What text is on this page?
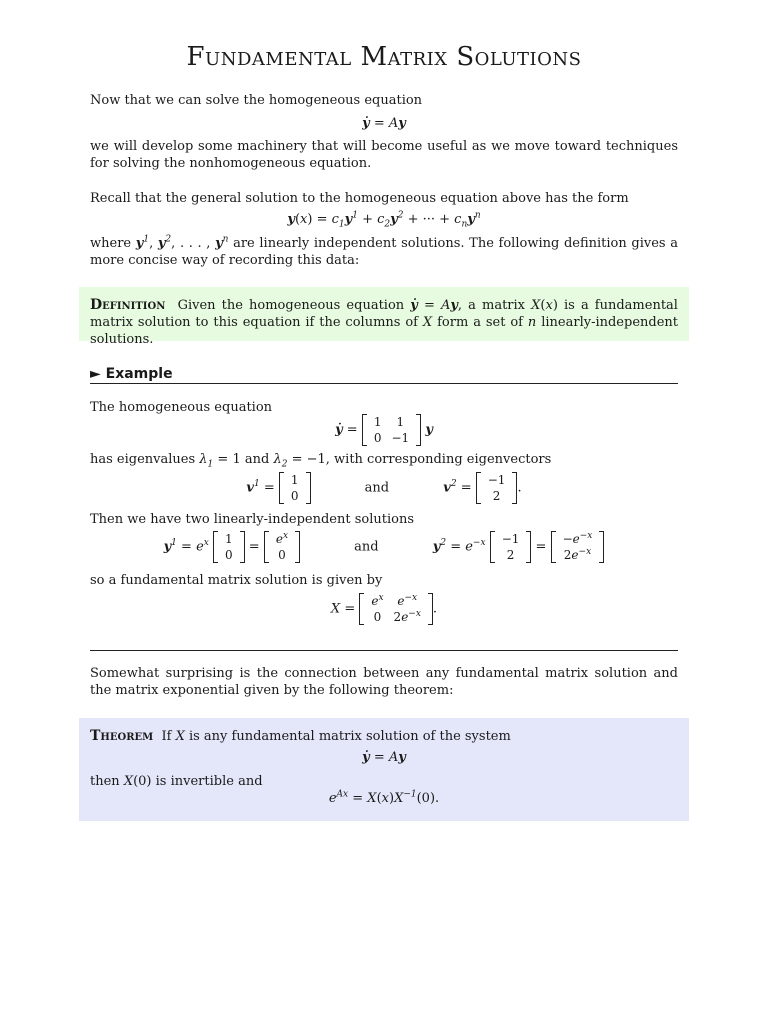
Fundamental Matrix Solutions
Now that we can solve the homogeneous equation
ẏ = Ay
we will develop some machinery that will become useful as we move toward techniques for solving the nonhomogeneous equation.
Recall that the general solution to the homogeneous equation above has the form
$y(x) = c_1y^1 + c_2y^2$ + ··· + $c_ny^n$
where $y^1$, $y^2$, . . . , $y^n$ are linearly independent solutions. The following definition gives a more concise way of recording this data:
Definition Given the homogeneous equation ẏ = Ay, a matrix X(x) is a fundamental matrix solution to this equation if the columns of X form a set of n linearly-independent solutions.
► Example
The homogeneous equation
ẏ =
1	1
0	−1
y
has eigenvalues $\lambda_1 = 1$ and $\lambda_2 = -1$, with corresponding eigenvectors
$v^1$ =
1
0
and	$v^2$ =
−1
2
.
Then we have two linearly-independent solutions
$y^1 = e^x$ 1
0
=
$e^x$
0
and	$y^2 = e^{-x} -1$
2
=
$-e^{-x}$
$2e^{-x}$
so a fundamental matrix solution is given by
X =
$e^x$	$e^{-x}$
0	$2e^{-x}$ .
Somewhat surprising is the connection between any fundamental matrix solution and the matrix exponential given by the following theorem:
Theorem If X is any fundamental matrix solution of the system
ẏ = Ay
then X(0) is invertible and
$e^{Ax} = X(x)X^{-1}(0)$.
